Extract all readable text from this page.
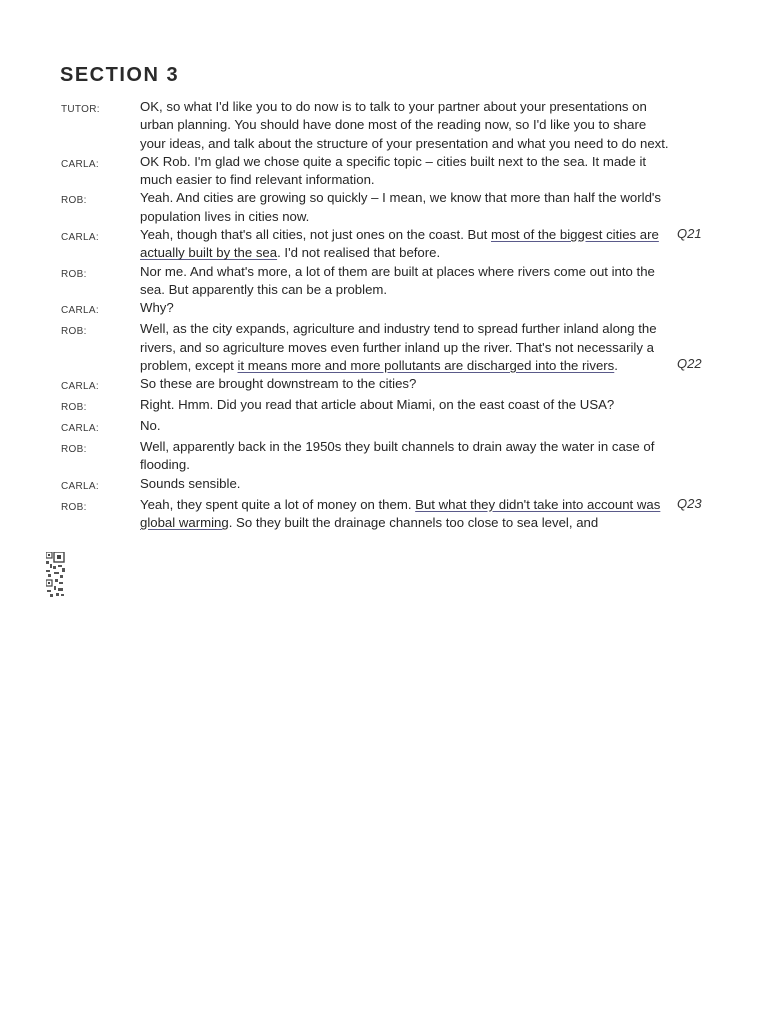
SECTION 3
TUTOR:	OK, so what I'd like you to do now is to talk to your partner about your presentations on urban planning. You should have done most of the reading now, so I'd like you to share your ideas, and talk about the structure of your presentation and what you need to do next.
CARLA:	OK Rob. I'm glad we chose quite a specific topic – cities built next to the sea. It made it much easier to find relevant information.
ROB:	Yeah. And cities are growing so quickly – I mean, we know that more than half the world's population lives in cities now.
CARLA:	Yeah, though that's all cities, not just ones on the coast. But most of the biggest cities are actually built by the sea. I'd not realised that before.
Q21
ROB:	Nor me. And what's more, a lot of them are built at places where rivers come out into the sea. But apparently this can be a problem.
CARLA:	Why?
ROB:	Well, as the city expands, agriculture and industry tend to spread further inland along the rivers, and so agriculture moves even further inland up the river. That's not necessarily a problem, except it means more and more pollutants are discharged into the rivers.	Q22
CARLA:	So these are brought downstream to the cities?
ROB:	Right. Hmm. Did you read that article about Miami, on the east coast of the USA?
CARLA:	No.
ROB:	Well, apparently back in the 1950s they built channels to drain away the water in case of flooding.
CARLA:	Sounds sensible.
ROB:	Yeah, they spent quite a lot of money on them. But what they didn't take into account was global warming. So they built the drainage channels too close to sea level, and
Q23
